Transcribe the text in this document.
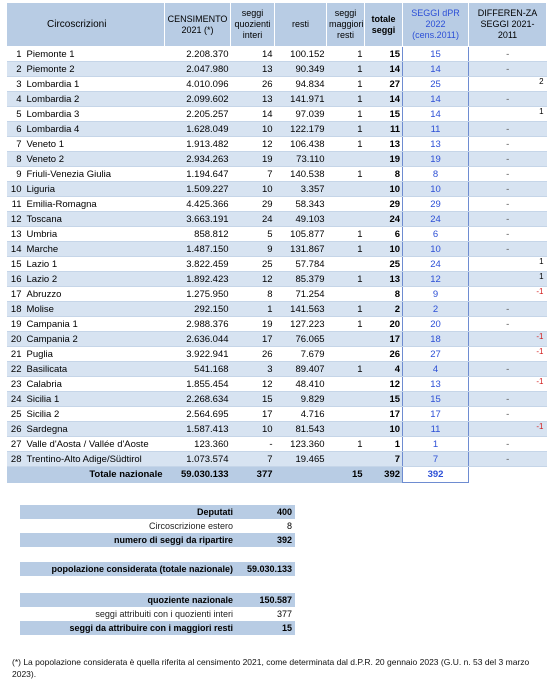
Circoscrizioni		CENSIMENTO 2021 (*)	seggi quozienti interi	resti	seggi maggiori resti	totale seggi	SEGGI dPR 2022 (cens.2011)	DIFFEREN-ZA SEGGI 2021-2011
1	Piemonte 1	2.208.370	14	100.152	1	15	15	-

2	Piemonte 2	2.047.980	13	90.349	1	14	14	-

3	Lombardia 1	4.010.096	26	94.834	1	27	25	2

4	Lombardia 2	2.099.602	13	141.971	1	14	14	-

5	Lombardia 3	2.205.257	14	97.039	1	15	14	1

6	Lombardia 4	1.628.049	10	122.179	1	11	11	-

7	Veneto 1	1.913.482	12	106.438	1	13	13	-

8	Veneto 2	2.934.263	19	73.110		19	19	-

9	Friuli-Venezia Giulia	1.194.647	7	140.538	1	8	8	-

10	Liguria	1.509.227	10	3.357		10	10	-

11	Emilia-Romagna	4.425.366	29	58.343		29	29	-

12	Toscana	3.663.191	24	49.103		24	24	-

13	Umbria	858.812	5	105.877	1	6	6	-

14	Marche	1.487.150	9	131.867	1	10	10	-

15	Lazio 1	3.822.459	25	57.784		25	24	1

16	Lazio 2	1.892.423	12	85.379	1	13	12	1

17	Abruzzo	1.275.950	8	71.254		8	9	-1

18	Molise	292.150	1	141.563	1	2	2	-

19	Campania 1	2.988.376	19	127.223	1	20	20	-

20	Campania 2	2.636.044	17	76.065		17	18	-1

21	Puglia	3.922.941	26	7.679		26	27	-1

22	Basilicata	541.168	3	89.407	1	4	4	-

23	Calabria	1.855.454	12	48.410		12	13	-1

24	Sicilia 1	2.268.634	15	9.829		15	15	-

25	Sicilia 2	2.564.695	17	4.716		17	17	-

26	Sardegna	1.587.413	10	81.543		10	11	-1

27	Valle d'Aosta / Vallée d'Aoste	123.360	-	123.360	1	1	1	-

28	Trentino-Alto Adige/Südtirol	1.073.574	7	19.465		7	7	-

Totale nazionale		59.030.133	377		15	392	392	
Deputati	400
Circoscrizione estero	8
numero di seggi da ripartire	392
popolazione considerata (totale nazionale)	59.030.133
quoziente nazionale	150.587
seggi attribuiti con i quozienti interi	377
seggi da attribuire con i maggiori resti	15
(*) La popolazione considerata è quella riferita al censimento 2021, come determinata dal d.P.R. 20 gennaio 2023 (G.U. n. 53 del 3 marzo 2023).
